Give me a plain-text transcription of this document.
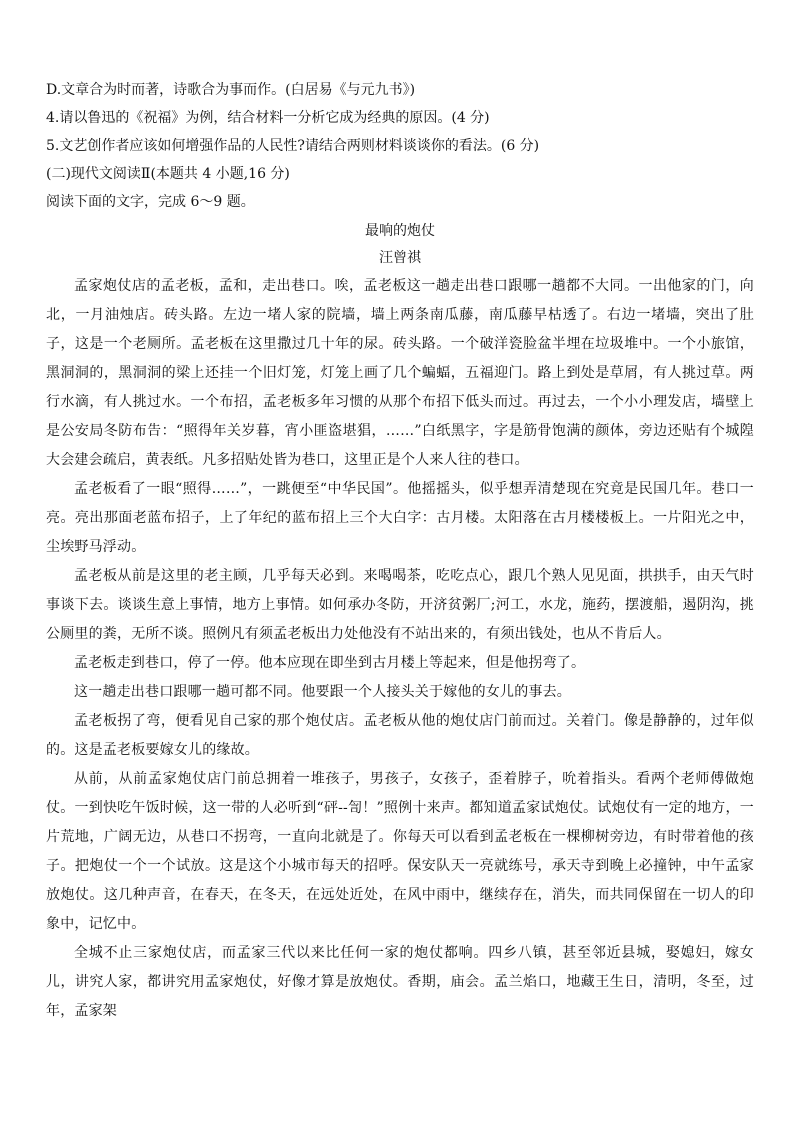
D.文章合为时而著，诗歌合为事而作。(白居易《与元九书》)

4.请以鲁迅的《祝福》为例，结合材料一分析它成为经典的原因。(4 分)

5.文艺创作者应该如何增强作品的人民性?请结合两则材料谈谈你的看法。(6 分)

(二)现代文阅读Ⅱ(本题共 4 小题,16 分)

阅读下面的文字，完成 6～9 题。

最响的炮仗

汪曾祺

孟家炮仗店的孟老板，孟和，走出巷口。唉，孟老板这一趟走出巷口跟哪一趟都不大同。一出他家的门，向北，一月油烛店。砖头路。左边一堵人家的院墙，墙上两条南瓜藤，南瓜藤早枯透了。右边一堵墙，突出了肚子，这是一个老厕所。孟老板在这里撒过几十年的尿。砖头路。一个破洋瓷脸盆半埋在垃圾堆中。一个小旅馆，黑洞洞的，黑洞洞的梁上还挂一个旧灯笼，灯笼上画了几个蝙蝠，五福迎门。路上到处是草屑，有人挑过草。两行水滴，有人挑过水。一个布招，孟老板多年习惯的从那个布招下低头而过。再过去，一个小小理发店，墙壁上是公安局冬防布告：“照得年关岁暮，宵小匪盗堪猖，……”白纸黑字，字是筋骨饱满的颜体，旁边还贴有个城隍大会建会疏启，黄表纸。凡多招贴处皆为巷口，这里正是个人来人往的巷口。

孟老板看了一眼“照得……”，一跳便至“中华民国”。他摇摇头，似乎想弄清楚现在究竟是民国几年。巷口一亮。亮出那面老蓝布招子，上了年纪的蓝布招上三个大白字：古月楼。太阳落在古月楼楼板上。一片阳光之中，尘埃野马浮动。

孟老板从前是这里的老主顾，几乎每天必到。来喝喝茶，吃吃点心，跟几个熟人见见面，拱拱手，由天气时事谈下去。谈谈生意上事情，地方上事情。如何承办冬防，开济贫粥厂;河工，水龙，施药，摆渡船，遏阴沟，挑公厕里的粪，无所不谈。照例凡有须孟老板出力处他没有不站出来的，有须出钱处，也从不肯后人。

孟老板走到巷口，停了一停。他本应现在即坐到古月楼上等起来，但是他拐弯了。

这一趟走出巷口跟哪一趟可都不同。他要跟一个人接头关于嫁他的女儿的事去。

孟老板拐了弯，便看见自己家的那个炮仗店。孟老板从他的炮仗店门前而过。关着门。像是静静的，过年似的。这是孟老板要嫁女儿的缘故。

从前，从前孟家炮仗店门前总拥着一堆孩子，男孩子，女孩子，歪着脖子，吮着指头。看两个老师傅做炮仗。一到快吃午饭时候，这一带的人必听到“砰--訇！”照例十来声。都知道孟家试炮仗。试炮仗有一定的地方，一片荒地，广阔无边，从巷口不拐弯，一直向北就是了。你每天可以看到孟老板在一棵柳树旁边，有时带着他的孩子。把炮仗一个一个试放。这是这个小城市每天的招呼。保安队天一亮就练号，承天寺到晚上必撞钟，中午孟家放炮仗。这几种声音，在春天，在冬天，在远处近处，在风中雨中，继续存在，消失，而共同保留在一切人的印象中，记忆中。

全城不止三家炮仗店，而孟家三代以来比任何一家的炮仗都响。四乡八镇，甚至邻近县城，娶媳妇，嫁女儿，讲究人家，都讲究用孟家炮仗，好像才算是放炮仗。香期，庙会。孟兰焰口，地藏王生日，清明，冬至，过年，孟家架
